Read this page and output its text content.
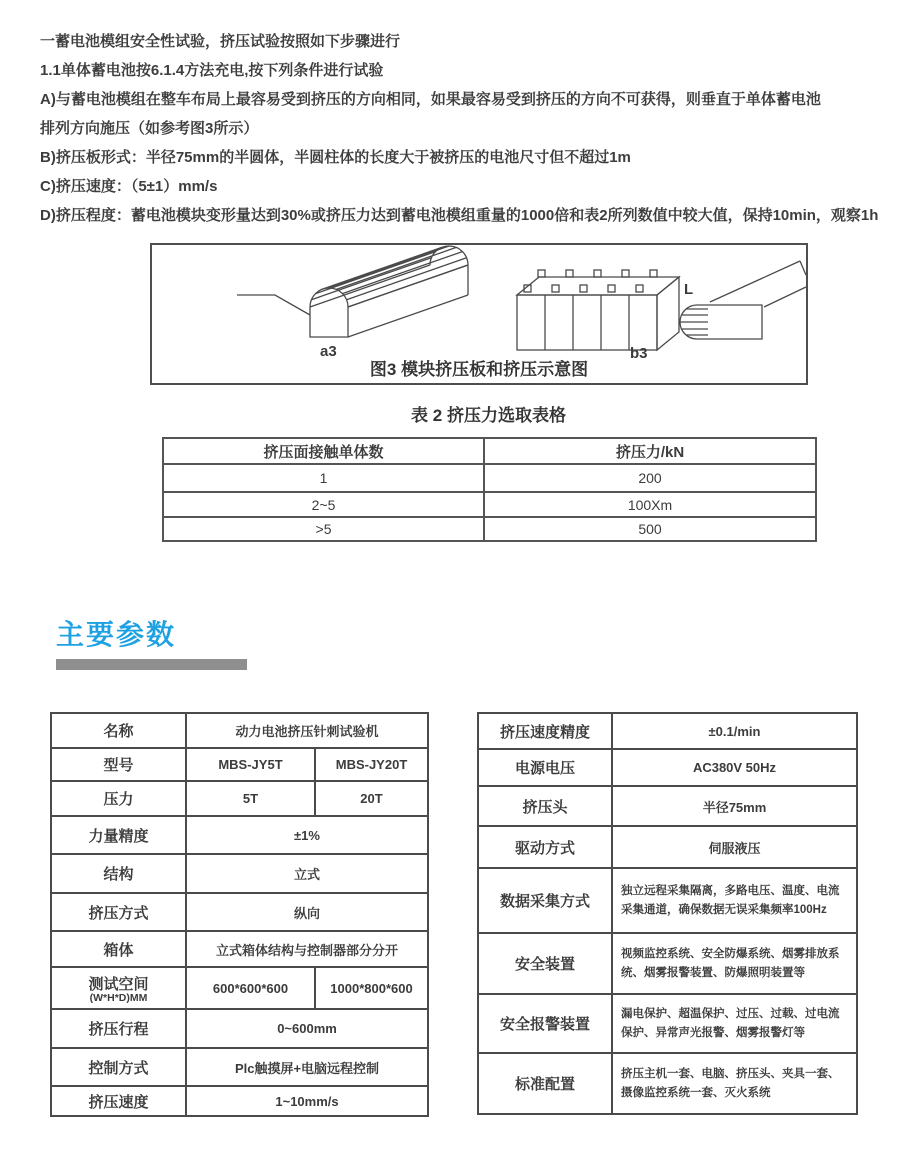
一蓄电池模组安全性试验，挤压试验按照如下步骤进行
1.1单体蓄电池按6.1.4方法充电,按下列条件进行试验
A)与蓄电池模组在整车布局上最容易受到挤压的方向相同，如果最容易受到挤压的方向不可获得，则垂直于单体蓄电池
排列方向施压（如参考图3所示）
B)挤压板形式：半径75mm的半圆体，半圆柱体的长度大于被挤压的电池尺寸但不超过1m
C)挤压速度：（5±1）mm/s
D)挤压程度：蓄电池模块变形量达到30%或挤压力达到蓄电池模组重量的1000倍和表2所列数值中较大值，保持10min，观察1h
a3	b3
L
图3 模块挤压板和挤压示意图
表 2 挤压力选取表格
挤压面接触单体数	挤压力/kN
1	200
2~5	100Xm
>5	500
主要参数
名称	动力电池挤压针刺试验机	
型号	MBS-JY5T	MBS-JY20T
压力	5T	20T
力量精度	±1%	
结构	立式	
挤压方式	纵向	
箱体	立式箱体结构与控制器部分分开	
测试空间
(W*H*D)MM	600*600*600	1000*800*600
挤压行程	0~600mm	
控制方式	Plc触摸屏+电脑远程控制	
挤压速度	1~10mm/s	
挤压速度精度	±0.1/min
电源电压	AC380V 50Hz
挤压头	半径75mm
驱动方式	伺服液压
数据采集方式	独立远程采集隔离，多路电压、温度、电流采集通道，确保数据无误采集频率100Hz
安全装置	视频监控系统、安全防爆系统、烟雾排放系统、烟雾报警装置、防爆照明装置等
安全报警装置	漏电保护、超温保护、过压、过载、过电流保护、异常声光报警、烟雾报警灯等
标准配置	挤压主机一套、电脑、挤压头、夹具一套、摄像监控系统一套、灭火系统
